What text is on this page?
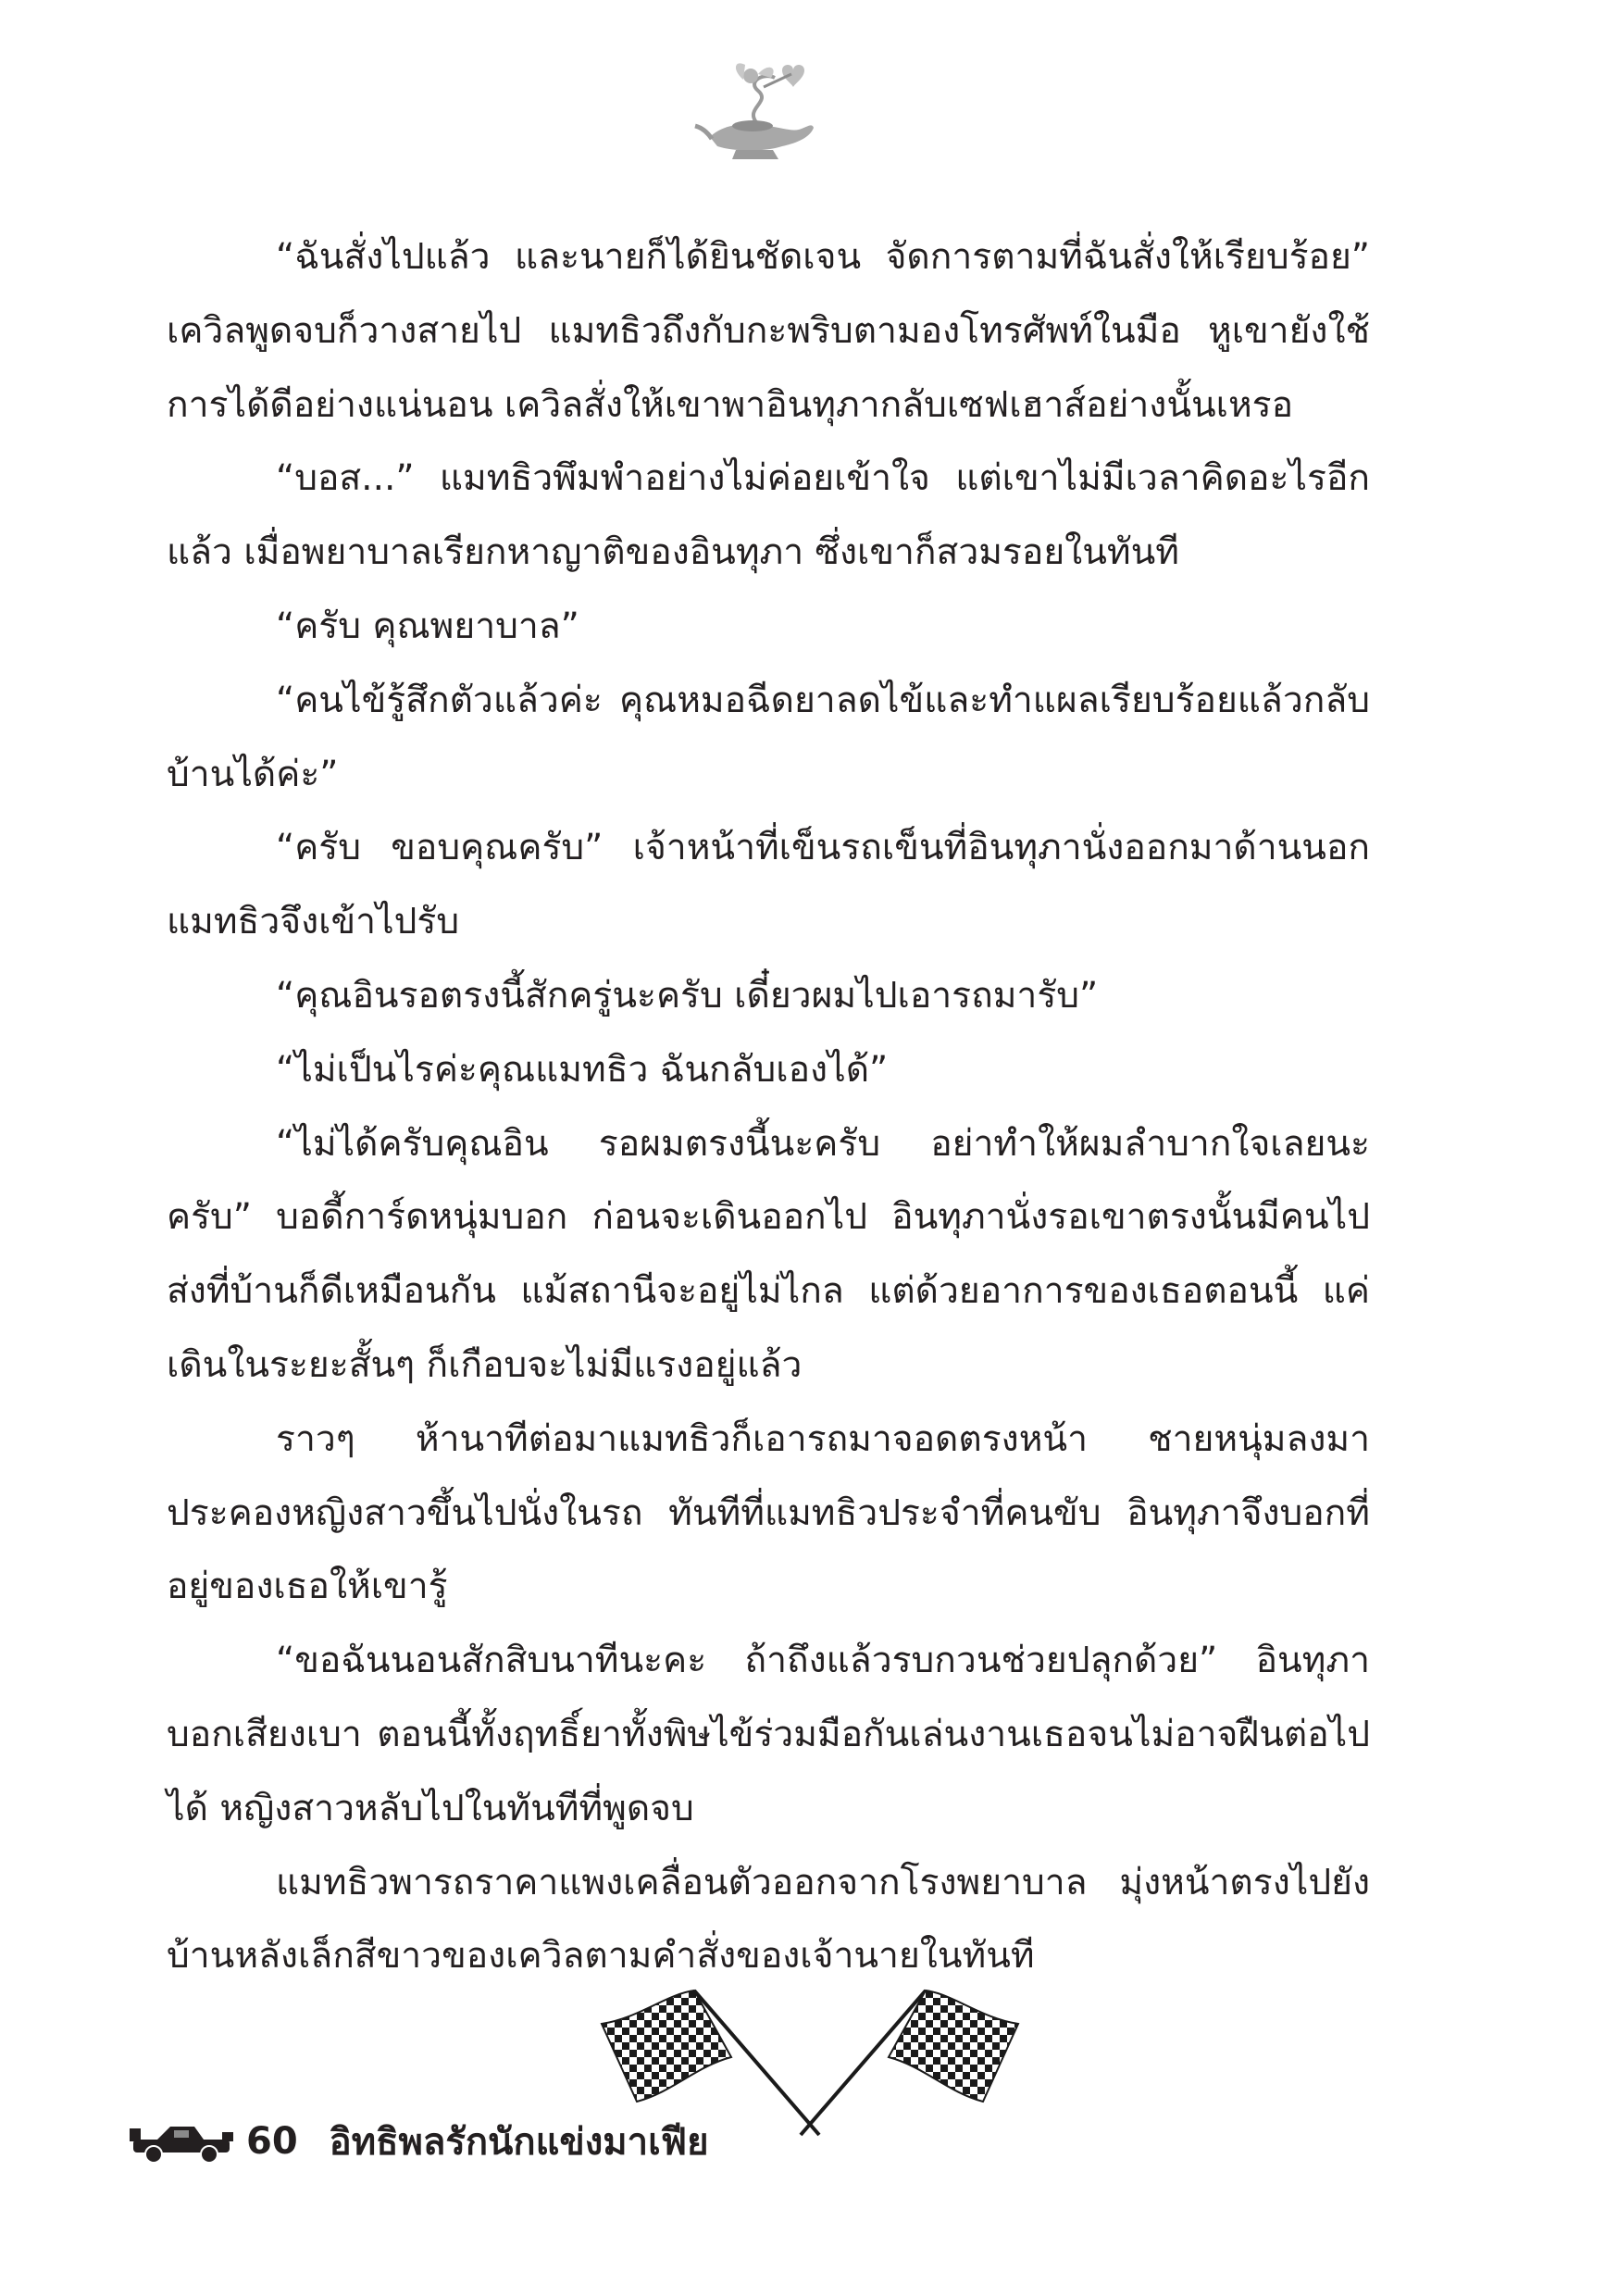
“ฉันสั่งไปแล้ว และนายก็ได้ยินชัดเจน จัดการตามที่ฉันสั่งให้เรียบร้อย” เควิลพูดจบก็วางสายไป แมทธิวถึงกับกะพริบตามองโทรศัพท์ในมือ หูเขายังใช้การได้ดีอย่างแน่นอน เควิลสั่งให้เขาพาอินทุภากลับเซฟเฮาส์อย่างนั้นเหรอ

“บอส...” แมทธิวพึมพำอย่างไม่ค่อยเข้าใจ แต่เขาไม่มีเวลาคิดอะไรอีกแล้ว เมื่อพยาบาลเรียกหาญาติของอินทุภา ซึ่งเขาก็สวมรอยในทันที

“ครับ คุณพยาบาล”

“คนไข้รู้สึกตัวแล้วค่ะ คุณหมอฉีดยาลดไข้และทำแผลเรียบร้อยแล้วกลับบ้านได้ค่ะ”

“ครับ ขอบคุณครับ” เจ้าหน้าที่เข็นรถเข็นที่อินทุภานั่งออกมาด้านนอกแมทธิวจึงเข้าไปรับ

“คุณอินรอตรงนี้สักครู่นะครับ เดี๋ยวผมไปเอารถมารับ”

“ไม่เป็นไรค่ะคุณแมทธิว ฉันกลับเองได้”

“ไม่ได้ครับคุณอิน รอผมตรงนี้นะครับ อย่าทำให้ผมลำบากใจเลยนะครับ” บอดี้การ์ดหนุ่มบอก ก่อนจะเดินออกไป อินทุภานั่งรอเขาตรงนั้นมีคนไปส่งที่บ้านก็ดีเหมือนกัน แม้สถานีจะอยู่ไม่ไกล แต่ด้วยอาการของเธอตอนนี้ แค่เดินในระยะสั้นๆ ก็เกือบจะไม่มีแรงอยู่แล้ว

ราวๆ ห้านาทีต่อมาแมทธิวก็เอารถมาจอดตรงหน้า ชายหนุ่มลงมาประคองหญิงสาวขึ้นไปนั่งในรถ ทันทีที่แมทธิวประจำที่คนขับ อินทุภาจึงบอกที่อยู่ของเธอให้เขารู้

“ขอฉันนอนสักสิบนาทีนะคะ ถ้าถึงแล้วรบกวนช่วยปลุกด้วย” อินทุภาบอกเสียงเบา ตอนนี้ทั้งฤทธิ์ยาทั้งพิษไข้ร่วมมือกันเล่นงานเธอจนไม่อาจฝืนต่อไปได้ หญิงสาวหลับไปในทันทีที่พูดจบ

แมทธิวพารถราคาแพงเคลื่อนตัวออกจากโรงพยาบาล มุ่งหน้าตรงไปยังบ้านหลังเล็กสีขาวของเควิลตามคำสั่งของเจ้านายในทันที

60 อิทธิพลรักนักแข่งมาเฟีย
